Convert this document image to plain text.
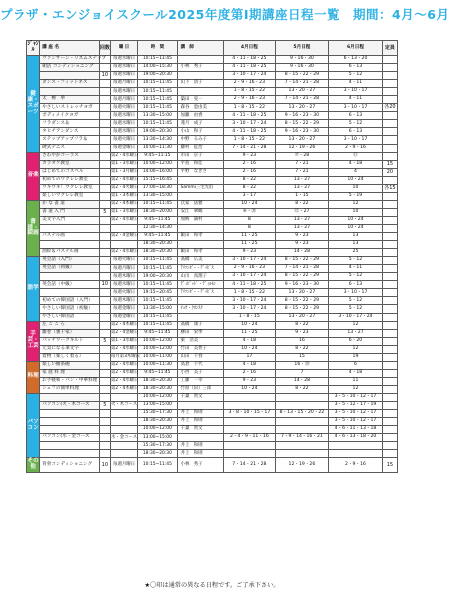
プラザ・エンジョイスクール2025年度第Ⅰ期講座日程一覧　期間：4月～6月
ｼﾞｬﾝﾙ	講 座 名	回数	曜 日	時　間	講　師	4月日程	5月日程	6月日程	定員

健康・スポーツ	ヴァンサーン・リズムステップ		毎週水曜日	10:15~11:45		4・11・18・25	9・16・30	6・13・20	
	朝活 コンディショニング		毎週水曜日	14:00~15:30	小林　秀子	4・11・18・25	9・16・30	6・13	
		10	毎週水曜日	19:00~20:30		3・10・17・24	8・15・22・29	5・12	
	ダンス・フィットネス		毎週月曜日	10:15~11:45	山下　清子	2・9・16・23	7・14・21・28	4・11	
			毎週木曜日	10:15~11:45		1・8・15・22	13・20・27	3・10・17	
	太　極　拳		毎週月曜日	10:15~11:45	築田　晃一	2・9・16・23	7・14・21・28	4・11	
	やさしいストレッチヨガ		毎週火曜日	10:15~11:45	森谷　恵由美	1・8・15・22	13・20・27	3・10・17	各20
	ボディメイクヨガ		毎週水曜日	13:30~15:00	加瀬　由香	4・11・18・25	9・16・23・30	6・13	
	フラダンス＆		毎週水曜日	10:15~11:45	蓮月　成子	3・10・17・24	8・15・22・29	5・12	
	タヒチアンダンス		毎週水曜日	19:00~20:30	小山　和子	4・11・18・25	9・16・23・30	6・13	
	ステップアップフラ＆		毎週火曜日	13:30~14:30	中野　るみ子	1・8・15・22	13・20・27	3・10・17	
	硬式テニス		毎週金曜日	10:00~11:30	藤村　征治	7・14・21・28	12・19・26	2・9・16	

音楽	さわやかコーラス		第2・4水曜日	9:45~11:15	市田　京子	9・23	⑦・28	⑪	
	カラオケ教室		第1・3水曜日	10:00~12:00	平島　和佳	2・16	7・21	4・18	15
	はじめてのゴスペル		第1・3月曜日	14:00~16:00	平野　なぎさ	2・16	7・21	4	20
	初めてのウクレレ教室		第2・4水曜日	15:15~16:45		8・22	13・27	10・24	
	ウキウキ！ウクレレ教室		第2・4火曜日	17:00~18:30	Sammi三宅光伯	8・22	13・27	10	各15
	楽しいウクレレ教室		第1・3木曜日	13:30~15:00		3・17	1・15	5・19	

書道・絵画	か な 書 道		第2・4木曜日	10:15~11:45	氏家　法雅	10・24	8・22	12	
	書 道 入 門	5	第1・3水曜日	18:30~20:00	安江　翠鶴	⑥・⑳	⑫・27	10	
	美文字入門		第2・4水曜日	9:45~11:45	加納　満村	8	13・27	10・24	
				12:30~14:30		8	13・27	10・24	
	パステル画		第2・4金曜日	9:45~11:45	飯田　和孝	11・25	9・23	13	
				18:30~20:30		11・25	9・23	13	
	油絵＆パステル画		第2・4水曜日	18:30~20:30	飯田　和孝	9・23	14・28	25	

語学	英会話（入門）		毎週火曜日	10:15~11:45	髙橋　広美	3・10・17・24	8・15・22・29	5・12	
	英会話（初級）		毎週月曜日	10:15~11:45	ｱﾘｿﾝﾀﾞｰ・ﾃﾞｲﾋﾞｽ	2・9・16・23	7・14・21・28	4・11	
			毎週木曜日	19:00~20:30	山川　真理子	3・10・17・24	8・15・22・29	5・12	
	英会話（中級）	10	毎週水曜日	10:15~11:45	ﾃﾞｨﾋﾞｯﾄﾞ・ﾃﾞｨﾙﾓﾝ	4・11・18・25	9・16・23・30	6・13	
			毎週火曜日	19:15~20:45	ｱﾘｿﾝﾀﾞｰ・ﾃﾞｲﾋﾞｽ	1・8・15・22	13・20・27	3・10・17	
	初めての韓国語（入門）		毎週木曜日	10:15~11:45		3・10・17・24	8・15・22・29	5・12	
	やさしい韓国語（初級）		毎週金曜日	13:30~15:00	ﾁｮｳ・ｸｵﾝｽｸ	3・10・17・24	8・15・22・29	5・12	
	やさしい韓国語		毎週金曜日	10:15~11:45		1・8・15	13・20・27	3・10・17・24	

手芸・工芸	左 こ こ ろ		第2・4木曜日	10:15~11:45	髙橋　康子	10・24	8・22	12	
	雑巻（裏千家）		第2・4金曜日	9:45~11:45	柳田　栄季	11・25	9・23	13・27	
	パッチワークキルト	5	第1・3水曜日	10:00~12:00	東　浩美	4・18	16	6・20	
	元気になる筆文字		第2・4水曜日	10:00~12:00	竹田　美智子	10・24	8・22	12	
	着物（楽しく着る）		毎月第3木曜日	10:00~11:00	山田　千春	17	15	19	

料理	楽しい紬茶碗		第2・4水曜日	10:00~11:30	高倉　千代	4・18	16・⑳	6	
	家 庭 料 理		第2・4水曜日	9:45~11:45	小西　美子	2・16	7	4・18	
	お手軽和・パン・中華料理		第2・4水曜日	18:30~20:30	工藤　一幸	9・23	14・28	11	
	シェフの簡単料理		第2・4木曜日	18:30~20:30	竹原（田）三郎	10・24	8・22	12	

パソコン				10:00~12:00	千葉　賀文			3・5・10・12・17	
	パソコン(火・木コース	5	火・木コース	13:00~15:00				3・5・12・17・19	
				15:30~17:30	井上　和則	3・8・10・15・17	8・13・15・20・22	3・5・10・12・17	
				18:30~20:30	井上　和則			3・5・10・12・17	
				10:00~12:00	千葉　賀文			4・6・11・13・18	
	パソコン(水・金コース		水・金コース	13:00~15:00		2・4・9・11・16	7・9・14・16・21	4・6・13・18・20	
				15:30~17:30	井上　和則				
				18:30~20:30	井上　和則				

その他	背骨コンディショニング	10	毎週月曜日	10:15~11:45	小林　秀子	7・14・21・28	12・19・26	2・9・16	15
★〇印は通常の異なる日程です。ご了承下さい。
